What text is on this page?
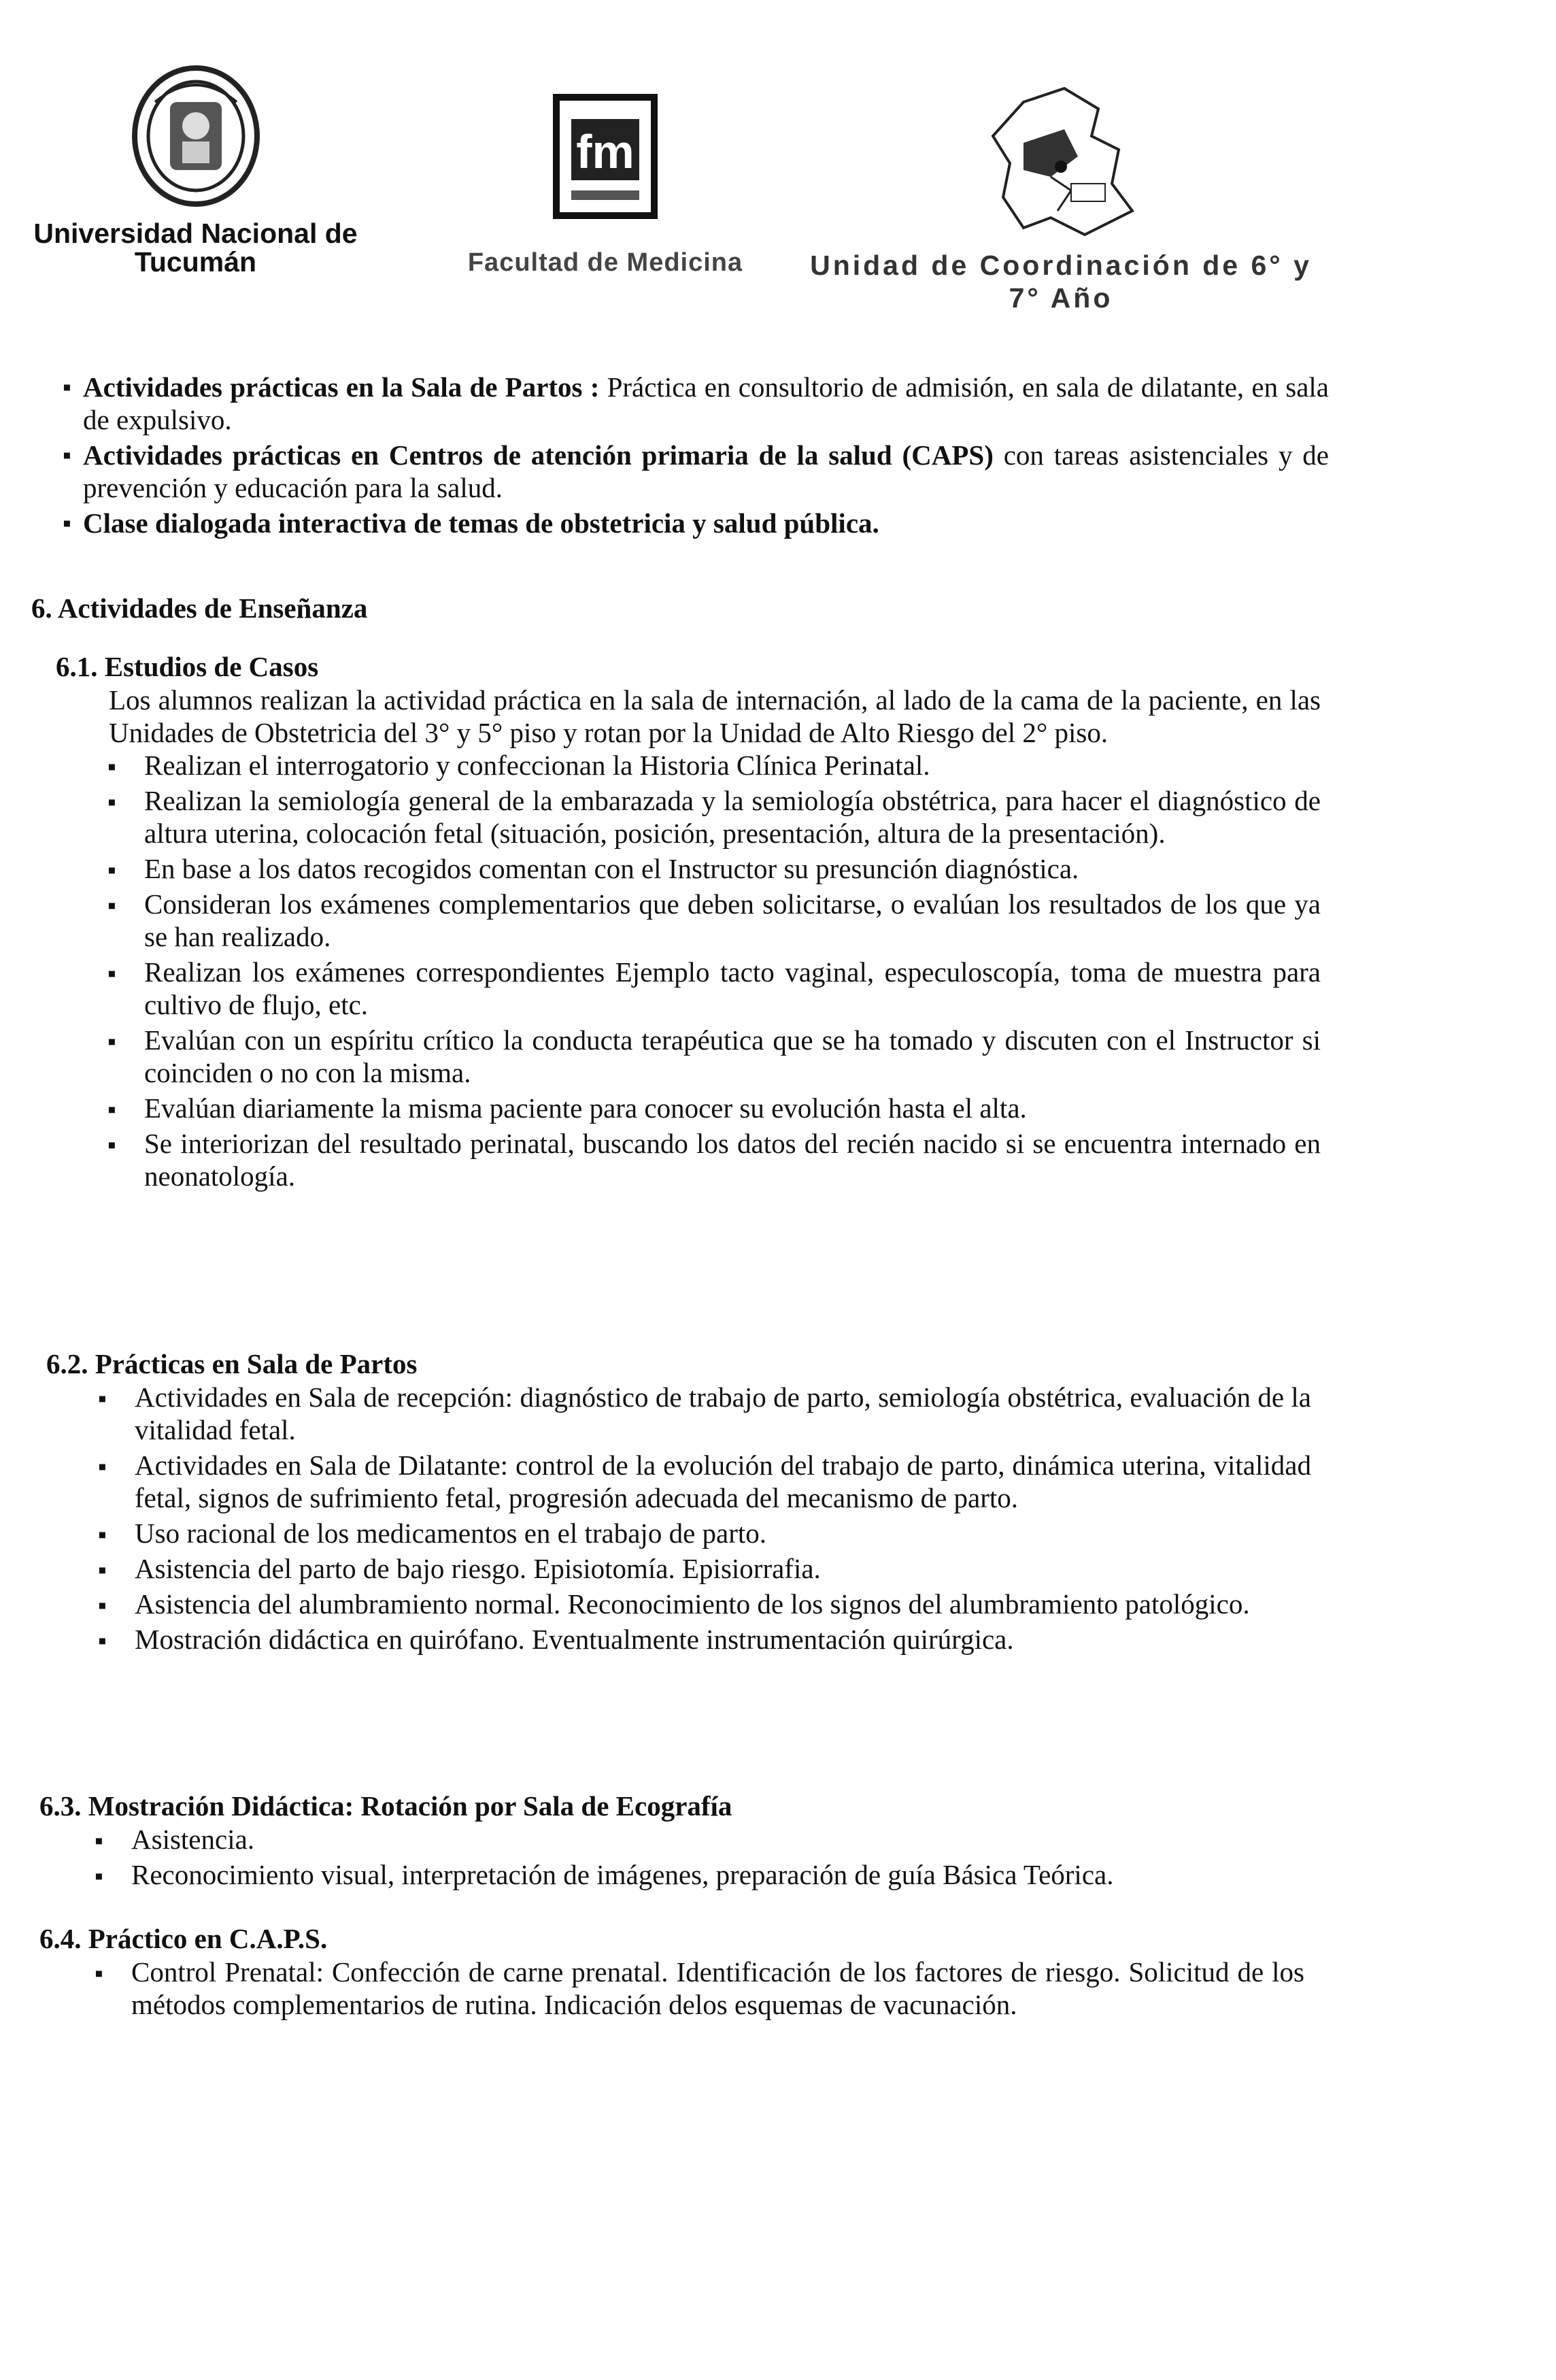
Universidad Nacional de Tucumán
fm
Facultad de Medicina	Unidad de Coordinación de 6° y 7° Año
▪ Actividades prácticas en la Sala de Partos : Práctica en consultorio de admisión, en sala de dilatante, en sala de expulsivo.
▪ Actividades prácticas en Centros de atención primaria de la salud (CAPS) con tareas asistenciales y de prevención y educación para la salud.
▪ Clase dialogada interactiva de temas de obstetricia y salud pública.
6. Actividades de Enseñanza
6.1. Estudios de Casos

Los alumnos realizan la actividad práctica en la sala de internación, al lado de la cama de la paciente, en las Unidades de Obstetricia del 3° y 5° piso y rotan por la Unidad de Alto Riesgo del 2° piso.

▪ Realizan el interrogatorio y confeccionan la Historia Clínica Perinatal.
▪ Realizan la semiología general de la embarazada y la semiología obstétrica, para hacer el diagnóstico de altura uterina, colocación fetal (situación, posición, presentación, altura de la presentación).
▪ En base a los datos recogidos comentan con el Instructor su presunción diagnóstica.
▪ Consideran los exámenes complementarios que deben solicitarse, o evalúan los resultados de los que ya se han realizado.
▪ Realizan los exámenes correspondientes Ejemplo tacto vaginal, especuloscopía, toma de muestra para cultivo de flujo, etc.
▪ Evalúan con un espíritu crítico la conducta terapéutica que se ha tomado y discuten con el Instructor si coinciden o no con la misma.
▪ Evalúan diariamente la misma paciente para conocer su evolución hasta el alta.
▪ Se interiorizan del resultado perinatal, buscando los datos del recién nacido si se encuentra internado en neonatología.
6.2. Prácticas en Sala de Partos
▪ Actividades en Sala de recepción: diagnóstico de trabajo de parto, semiología obstétrica, evaluación de la vitalidad fetal.
▪ Actividades en Sala de Dilatante: control de la evolución del trabajo de parto, dinámica uterina, vitalidad fetal, signos de sufrimiento fetal, progresión adecuada del mecanismo de parto.
▪ Uso racional de los medicamentos en el trabajo de parto.
▪ Asistencia del parto de bajo riesgo. Episiotomía. Episiorrafia.
▪ Asistencia del alumbramiento normal. Reconocimiento de los signos del alumbramiento patológico.
▪ Mostración didáctica en quirófano. Eventualmente instrumentación quirúrgica.
6.3. Mostración Didáctica: Rotación por Sala de Ecografía
▪ Asistencia.
▪ Reconocimiento visual, interpretación de imágenes, preparación de guía Básica Teórica.
6.4. Práctico en C.A.P.S.
▪ Control Prenatal: Confección de carne prenatal. Identificación de los factores de riesgo. Solicitud de los métodos complementarios de rutina. Indicación delos esquemas de vacunación.
